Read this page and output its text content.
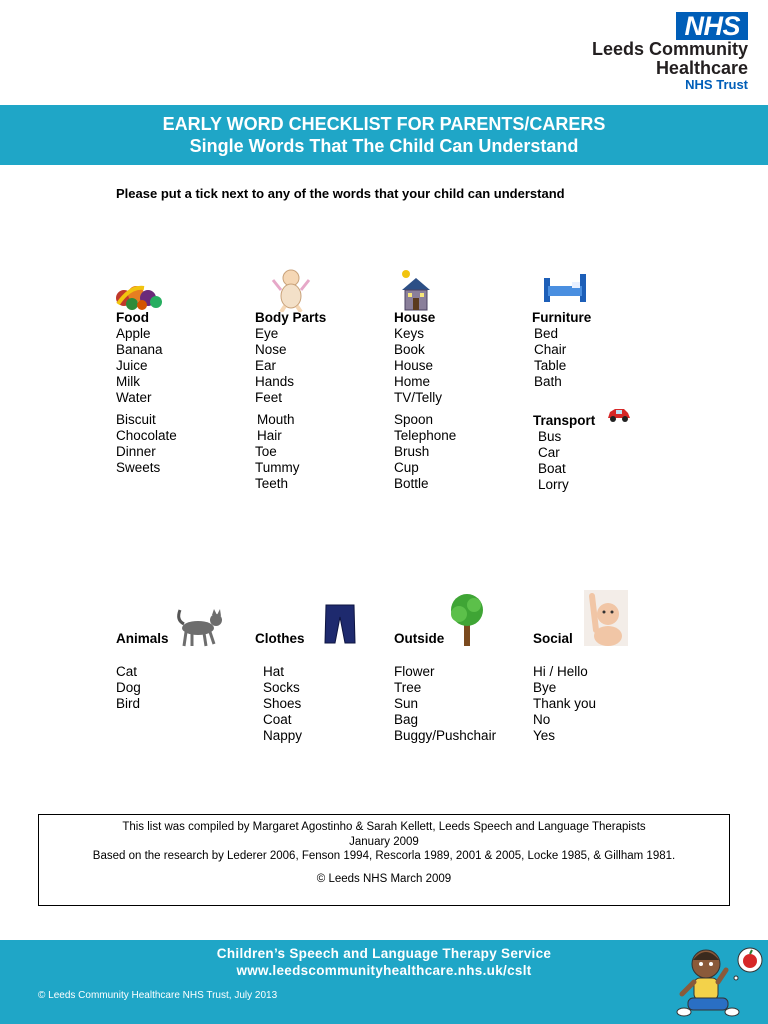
NHS
Leeds Community
Healthcare
NHS Trust
EARLY WORD CHECKLIST FOR PARENTS/CARERS
Single Words That The Child Can Understand
Please put a tick next to any of the words that your child can understand
Food
Apple
Banana
Juice
Milk
Water
Biscuit
Chocolate
Dinner
Sweets
Body Parts
Eye
Nose
Ear
Hands
Feet
Mouth
Hair
Toe
Tummy
Teeth
House
Keys
Book
House
Home
TV/Telly
Spoon
Telephone
Brush
Cup
Bottle
Furniture
Bed
Chair
Table
Bath
Transport
Bus
Car
Boat
Lorry
Animals
Cat
Dog
Bird
Clothes
Hat
Socks
Shoes
Coat
Nappy
Outside
Flower
Tree
Sun
Bag
Buggy/Pushchair
Social
Hi / Hello
Bye
Thank you
No
Yes
This list was compiled by Margaret Agostinho & Sarah Kellett, Leeds Speech and Language Therapists
January 2009
Based on the research by Lederer 2006, Fenson 1994, Rescorla 1989, 2001 & 2005, Locke 1985, & Gillham 1981.
© Leeds NHS March 2009
Children’s Speech and Language Therapy Service
www.leedscommunityhealthcare.nhs.uk/cslt
© Leeds Community Healthcare NHS Trust, July 2013
